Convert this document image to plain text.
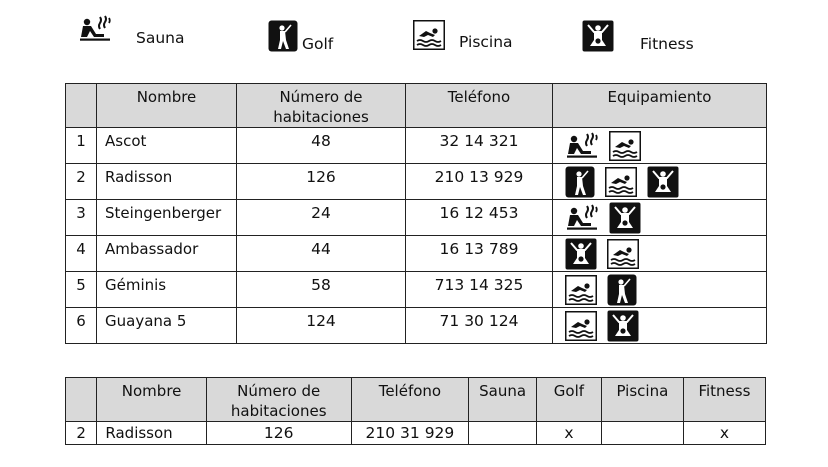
Sauna	Golf	Piscina	Fitness
	Nombre	Número de habitaciones	Teléfono	Equipamiento
1	Ascot	48	32 14 321	

2	Radisson	126	210 13 929	

3	Steingenberger	24	16 12 453	

4	Ambassador	44	16 13 789	

5	Géminis	58	713 14 325	

6	Guayana 5	124	71 30 124	
	Nombre	Número de habitaciones	Teléfono	Sauna	Golf	Piscina	Fitness
2	Radisson	126	210 31 929		x		x
